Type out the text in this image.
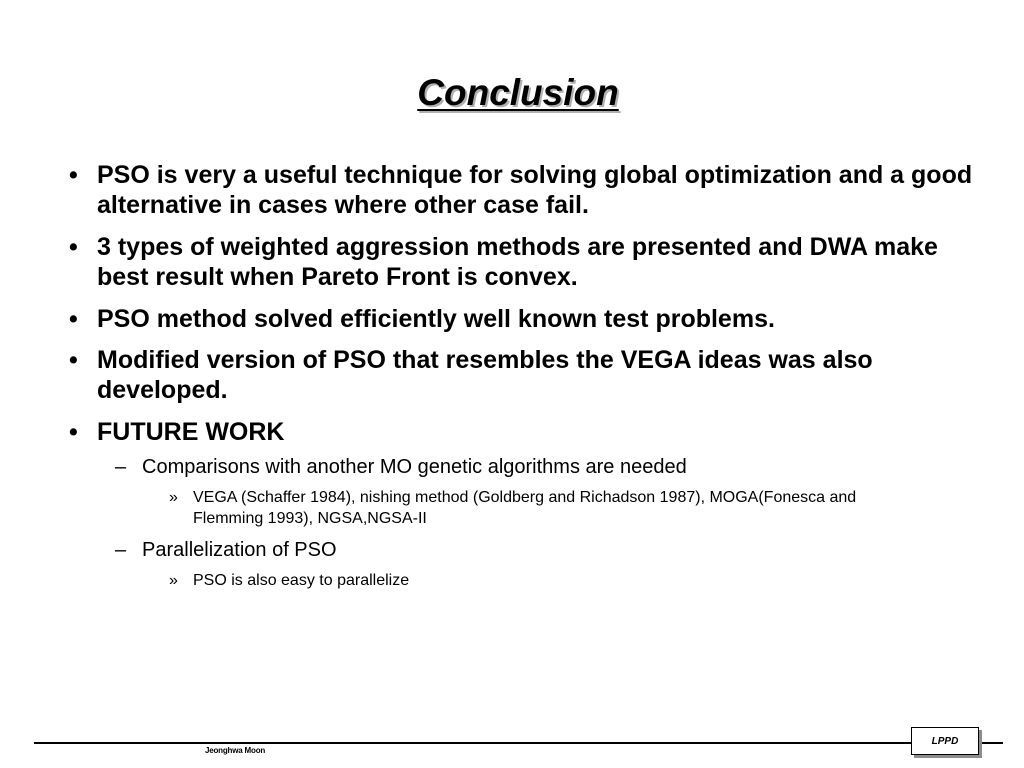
Conclusion
• PSO is very a useful technique for solving global optimization and a good alternative in cases where other case fail.
• 3 types of weighted aggression methods are presented and DWA make best result when Pareto Front is convex.
• PSO method solved efficiently well known test problems.
• Modified version of PSO that resembles the VEGA ideas was also developed.
• FUTURE WORK
– Comparisons with another MO genetic algorithms are needed
» VEGA (Schaffer 1984), nishing method (Goldberg and Richadson 1987), MOGA(Fonesca and Flemming 1993), NGSA,NGSA-II
– Parallelization of PSO
» PSO is also easy to parallelize
Jeonghwa Moon
LPPD
